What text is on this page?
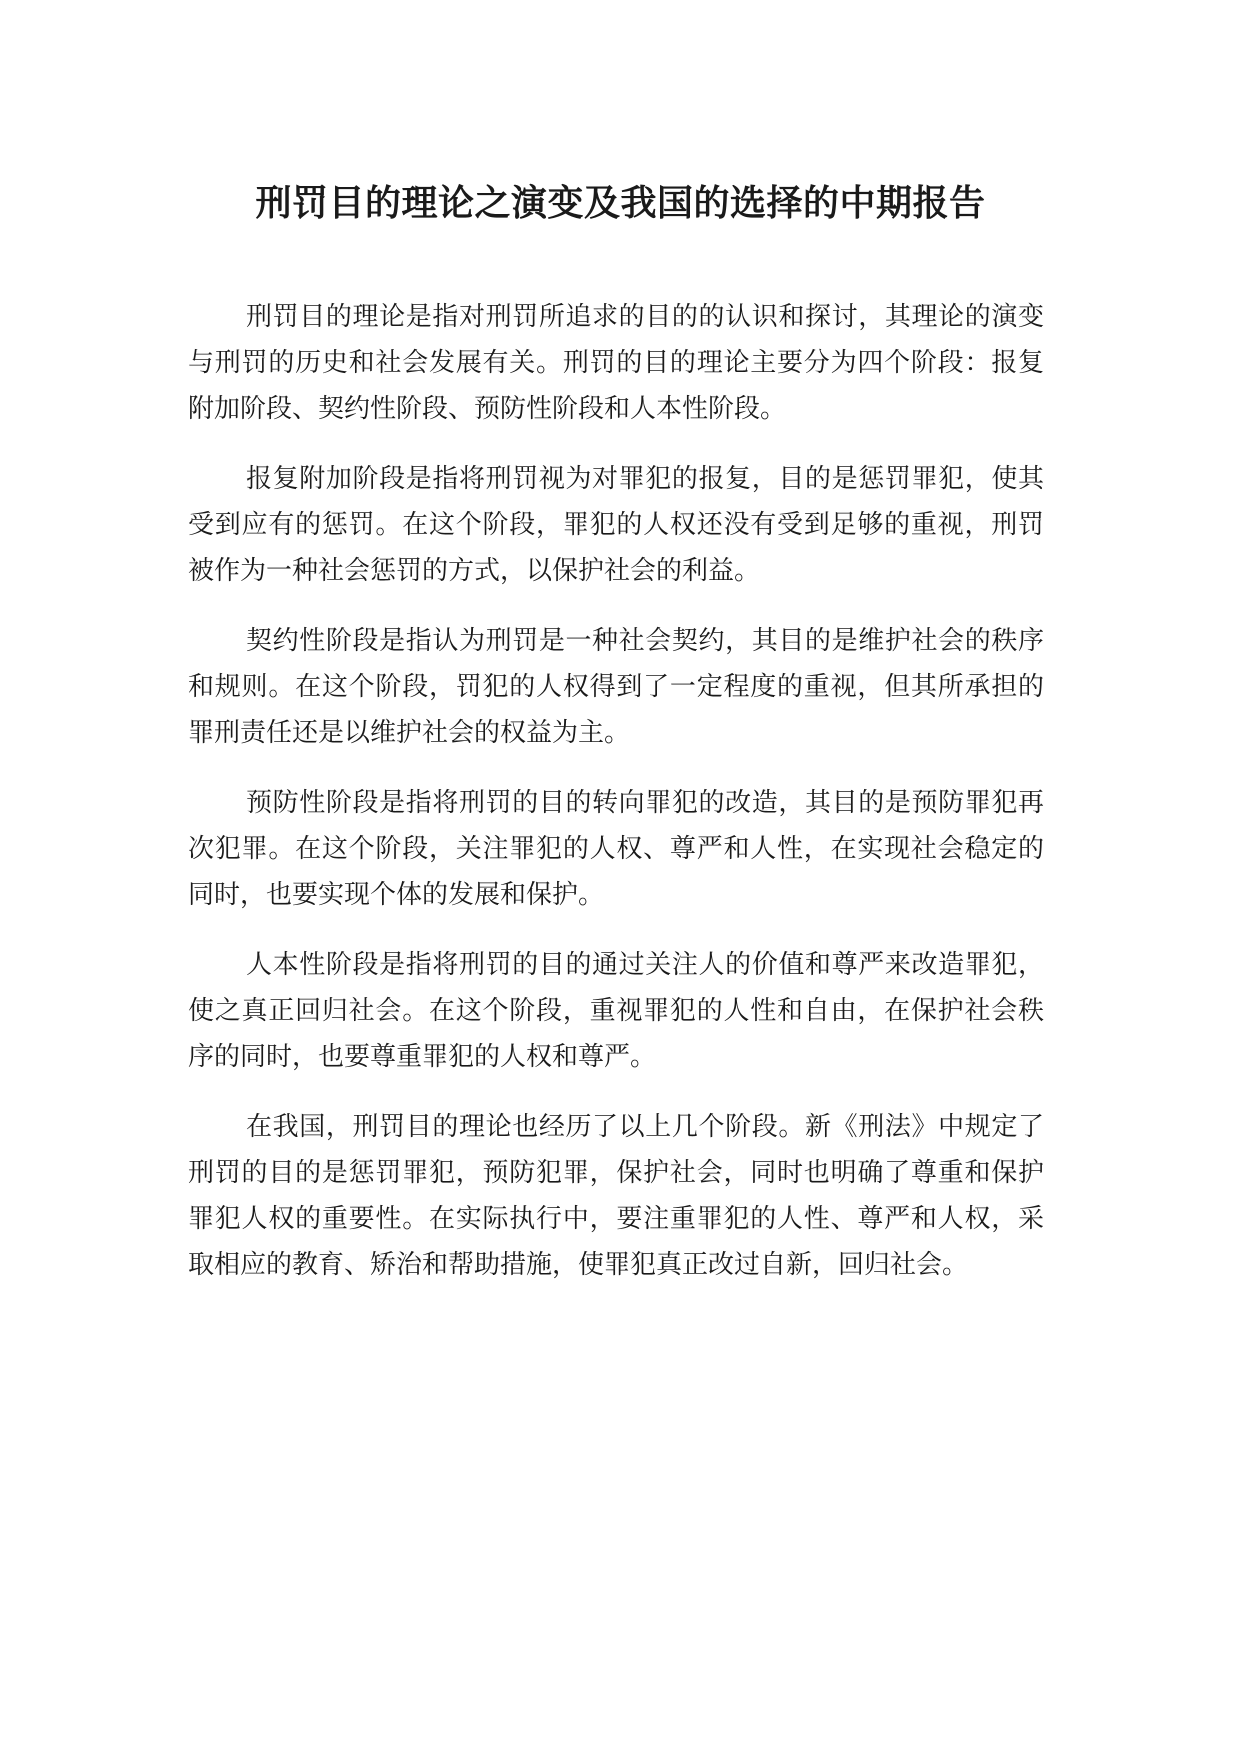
刑罚目的理论之演变及我国的选择的中期报告

刑罚目的理论是指对刑罚所追求的目的的认识和探讨，其理论的演变与刑罚的历史和社会发展有关。刑罚的目的理论主要分为四个阶段：报复附加阶段、契约性阶段、预防性阶段和人本性阶段。

报复附加阶段是指将刑罚视为对罪犯的报复，目的是惩罚罪犯，使其受到应有的惩罚。在这个阶段，罪犯的人权还没有受到足够的重视，刑罚被作为一种社会惩罚的方式，以保护社会的利益。

契约性阶段是指认为刑罚是一种社会契约，其目的是维护社会的秩序和规则。在这个阶段，罚犯的人权得到了一定程度的重视，但其所承担的罪刑责任还是以维护社会的权益为主。

预防性阶段是指将刑罚的目的转向罪犯的改造，其目的是预防罪犯再次犯罪。在这个阶段，关注罪犯的人权、尊严和人性，在实现社会稳定的同时，也要实现个体的发展和保护。

人本性阶段是指将刑罚的目的通过关注人的价值和尊严来改造罪犯，使之真正回归社会。在这个阶段，重视罪犯的人性和自由，在保护社会秩序的同时，也要尊重罪犯的人权和尊严。

在我国，刑罚目的理论也经历了以上几个阶段。新《刑法》中规定了刑罚的目的是惩罚罪犯，预防犯罪，保护社会，同时也明确了尊重和保护罪犯人权的重要性。在实际执行中，要注重罪犯的人性、尊严和人权，采取相应的教育、矫治和帮助措施，使罪犯真正改过自新，回归社会。
